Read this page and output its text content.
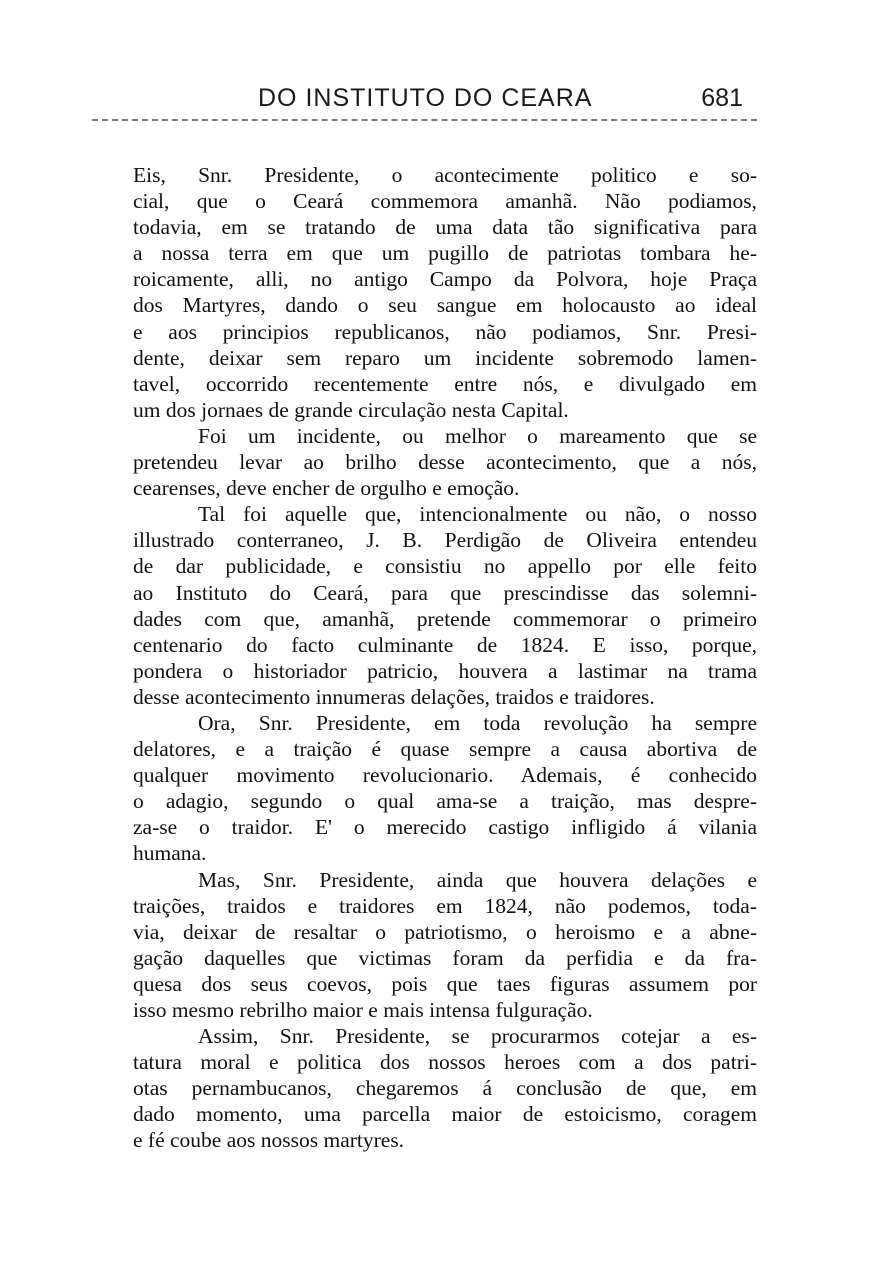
DO INSTITUTO DO CEARA	681
Eis, Snr. Presidente, o acontecimente politico e so-
cial, que o Ceará commemora amanhã. Não podiamos,
todavia, em se tratando de uma data tão significativa para
a nossa terra em que um pugillo de patriotas tombara he-
roicamente, alli, no antigo Campo da Polvora, hoje Praça
dos Martyres, dando o seu sangue em holocausto ao ideal
e aos principios republicanos, não podiamos, Snr. Presi-
dente, deixar sem reparo um incidente sobremodo lamen-
tavel, occorrido recentemente entre nós, e divulgado em
um dos jornaes de grande circulação nesta Capital.
Foi um incidente, ou melhor o mareamento que se
pretendeu levar ao brilho desse acontecimento, que a nós,
cearenses, deve encher de orgulho e emoção.
Tal foi aquelle que, intencionalmente ou não, o nosso
illustrado conterraneo, J. B. Perdigão de Oliveira entendeu
de dar publicidade, e consistiu no appello por elle feito
ao Instituto do Ceará, para que prescindisse das solemni-
dades com que, amanhã, pretende commemorar o primeiro
centenario do facto culminante de 1824. E isso, porque,
pondera o historiador patricio, houvera a lastimar na trama
desse acontecimento innumeras delações, traidos e traidores.
Ora, Snr. Presidente, em toda revolução ha sempre
delatores, e a traição é quase sempre a causa abortiva de
qualquer movimento revolucionario. Ademais, é conhecido
o adagio, segundo o qual ama-se a traição, mas despre-
za-se o traidor. E' o merecido castigo infligido á vilania
humana.
Mas, Snr. Presidente, ainda que houvera delações e
traições, traidos e traidores em 1824, não podemos, toda-
via, deixar de resaltar o patriotismo, o heroismo e a abne-
gação daquelles que victimas foram da perfidia e da fra-
quesa dos seus coevos, pois que taes figuras assumem por
isso mesmo rebrilho maior e mais intensa fulguração.
Assim, Snr. Presidente, se procurarmos cotejar a es-
tatura moral e politica dos nossos heroes com a dos patri-
otas pernambucanos, chegaremos á conclusão de que, em
dado momento, uma parcella maior de estoicismo, coragem
e fé coube aos nossos martyres.
